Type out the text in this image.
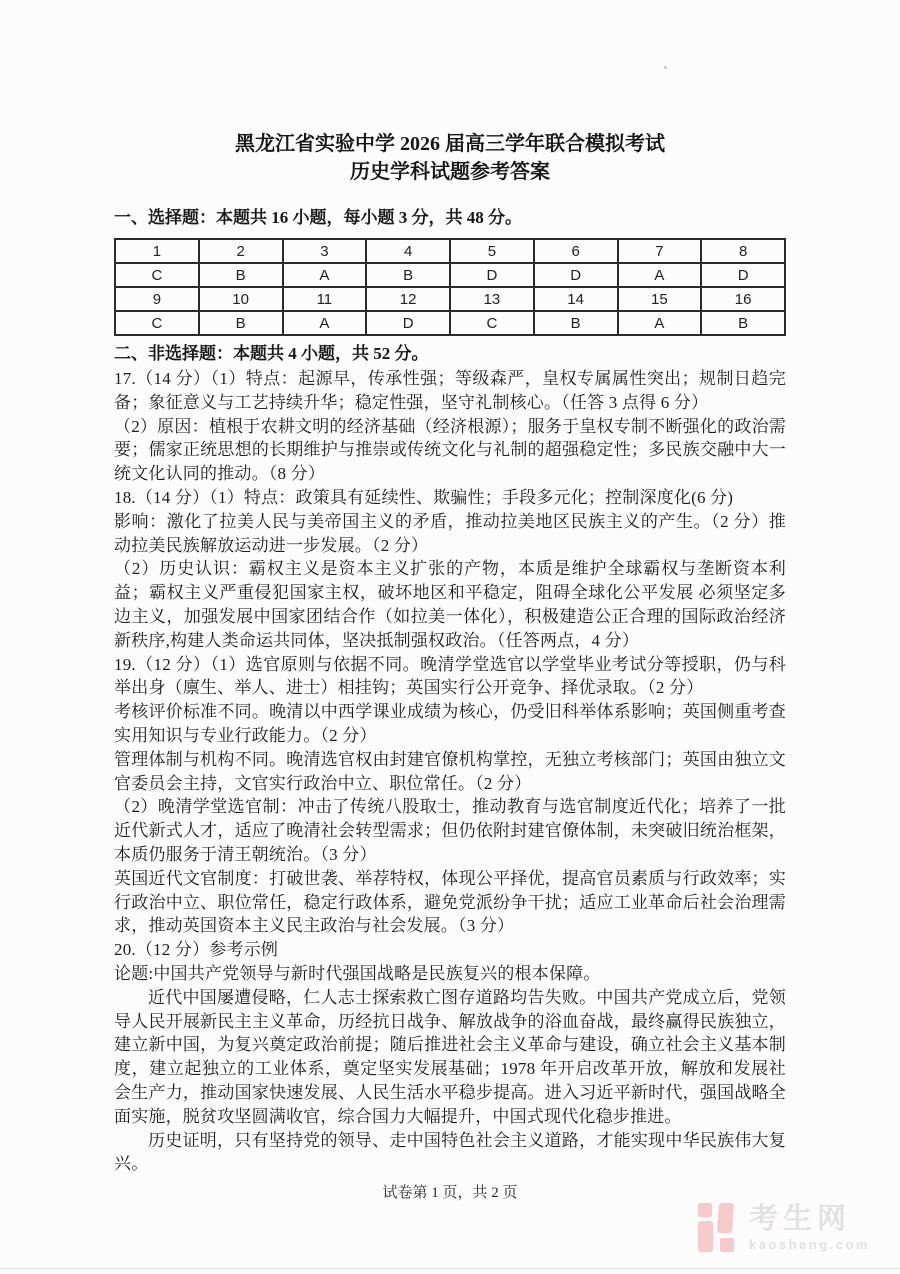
黑龙江省实验中学 2026 届高三学年联合模拟考试
历史学科试题参考答案
一、选择题：本题共 16 小题，每小题 3 分，共 48 分。
1	2	3	4	5	6	7	8
C	B	A	B	D	D	A	D
9	10	11	12	13	14	15	16
C	B	A	D	C	B	A	B
二、非选择题：本题共 4 小题，共 52 分。

17.（14 分）（1）特点：起源早，传承性强；等级森严，皇权专属属性突出；规制日趋完备；象征意义与工艺持续升华；稳定性强，坚守礼制核心。（任答 3 点得 6 分）

（2）原因：植根于农耕文明的经济基础（经济根源）；服务于皇权专制不断强化的政治需要；儒家正统思想的长期维护与推崇或传统文化与礼制的超强稳定性；多民族交融中大一统文化认同的推动。（8 分）

18.（14 分）（1）特点：政策具有延续性、欺骗性；手段多元化；控制深度化(6 分)

影响：激化了拉美人民与美帝国主义的矛盾，推动拉美地区民族主义的产生。（2 分）推动拉美民族解放运动进一步发展。（2 分）

（2）历史认识：霸权主义是资本主义扩张的产物，本质是维护全球霸权与垄断资本利益；霸权主义严重侵犯国家主权，破坏地区和平稳定，阻碍全球化公平发展 必须坚定多边主义，加强发展中国家团结合作（如拉美一体化），积极建造公正合理的国际政治经济新秩序,构建人类命运共同体，坚决抵制强权政治。（任答两点，4 分）

19.（12 分）（1）选官原则与依据不同。晚清学堂选官以学堂毕业考试分等授职，仍与科举出身（廪生、举人、进士）相挂钩；英国实行公开竞争、择优录取。（2 分）

考核评价标准不同。晚清以中西学课业成绩为核心，仍受旧科举体系影响；英国侧重考查实用知识与专业行政能力。（2 分）

管理体制与机构不同。晚清选官权由封建官僚机构掌控，无独立考核部门；英国由独立文官委员会主持，文官实行政治中立、职位常任。（2 分）

（2）晚清学堂选官制：冲击了传统八股取士，推动教育与选官制度近代化；培养了一批近代新式人才，适应了晚清社会转型需求；但仍依附封建官僚体制，未突破旧统治框架，本质仍服务于清王朝统治。（3 分）

英国近代文官制度：打破世袭、举荐特权，体现公平择优，提高官员素质与行政效率；实行政治中立、职位常任，稳定行政体系，避免党派纷争干扰；适应工业革命后社会治理需求，推动英国资本主义民主政治与社会发展。（3 分）

20.（12 分）参考示例

论题:中国共产党领导与新时代强国战略是民族复兴的根本保障。

近代中国屡遭侵略，仁人志士探索救亡图存道路均告失败。中国共产党成立后，党领导人民开展新民主主义革命，历经抗日战争、解放战争的浴血奋战，最终赢得民族独立，建立新中国，为复兴奠定政治前提；随后推进社会主义革命与建设，确立社会主义基本制度，建立起独立的工业体系，奠定坚实发展基础；1978 年开启改革开放，解放和发展社会生产力，推动国家快速发展、人民生活水平稳步提高。进入习近平新时代，强国战略全面实施，脱贫攻坚圆满收官，综合国力大幅提升，中国式现代化稳步推进。

历史证明，只有坚持党的领导、走中国特色社会主义道路，才能实现中华民族伟大复兴。

试卷第 1 页，共 2 页
考生网
kaosheng.com
